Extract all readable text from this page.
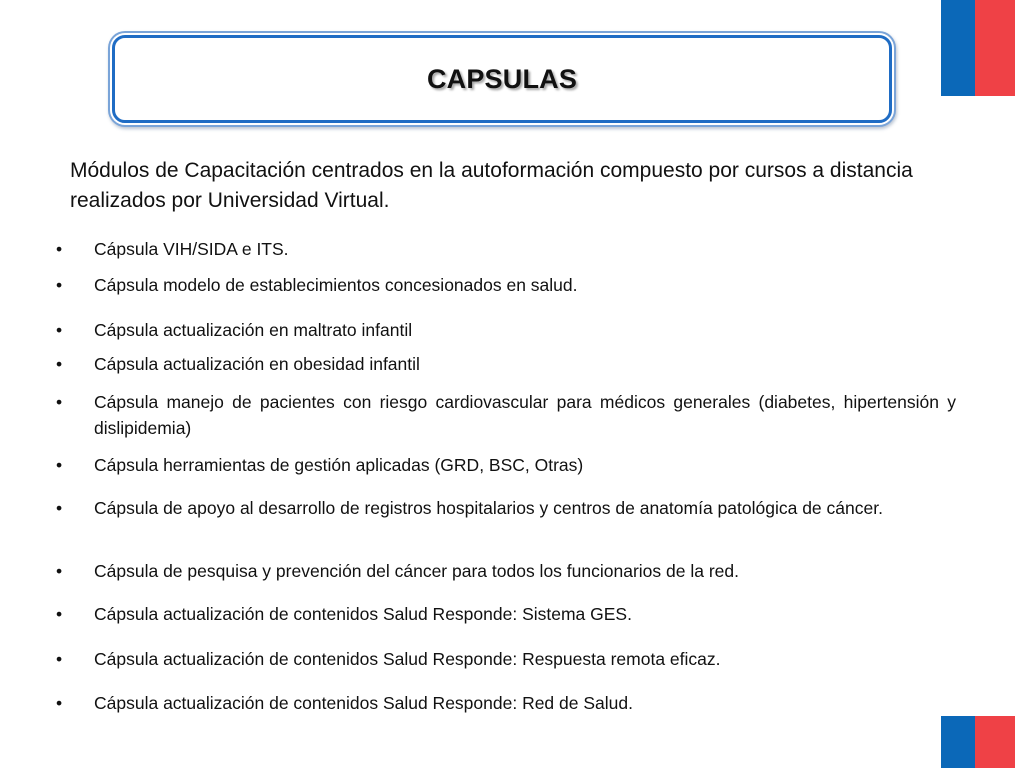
CAPSULAS

Módulos de Capacitación centrados en la autoformación compuesto por cursos a distancia realizados por Universidad Virtual.

•	Cápsula VIH/SIDA e ITS.
•	Cápsula modelo de establecimientos concesionados en salud.
•	Cápsula actualización en maltrato infantil
•	Cápsula actualización en obesidad infantil
•	Cápsula manejo de pacientes con riesgo cardiovascular para médicos generales (diabetes, hipertensión y dislipidemia)
•	Cápsula herramientas de gestión aplicadas (GRD, BSC, Otras)
•	Cápsula de apoyo al desarrollo de registros hospitalarios y centros de anatomía patológica de cáncer.
•	Cápsula de pesquisa y prevención del cáncer para todos los funcionarios de la red.
•	Cápsula actualización de contenidos Salud Responde: Sistema GES.
•	Cápsula actualización de contenidos Salud Responde: Respuesta remota eficaz.
•	Cápsula actualización de contenidos Salud Responde: Red de Salud.
